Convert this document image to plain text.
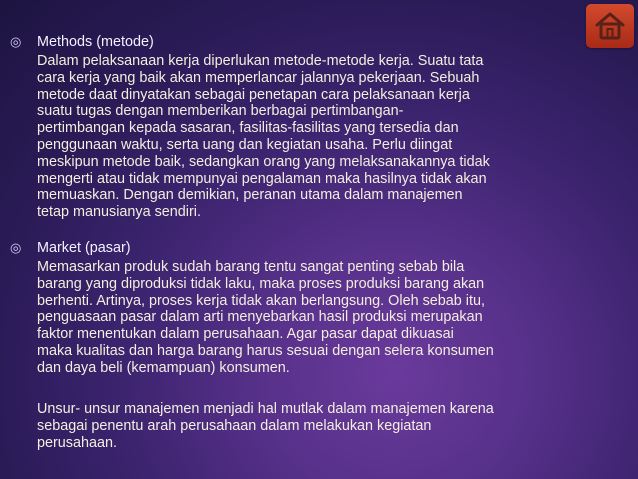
◎	Methods (metode)
Dalam pelaksanaan kerja diperlukan metode-metode kerja. Suatu tata
cara kerja yang baik akan memperlancar jalannya pekerjaan. Sebuah
metode daat dinyatakan sebagai penetapan cara pelaksanaan kerja
suatu tugas dengan memberikan berbagai pertimbangan-
pertimbangan kepada sasaran, fasilitas-fasilitas yang tersedia dan
penggunaan waktu, serta uang dan kegiatan usaha. Perlu diingat
meskipun metode baik, sedangkan orang yang melaksanakannya tidak
mengerti atau tidak mempunyai pengalaman maka hasilnya tidak akan
memuaskan. Dengan demikian, peranan utama dalam manajemen
tetap manusianya sendiri.
◎	Market (pasar)
Memasarkan produk sudah barang tentu sangat penting sebab bila
barang yang diproduksi tidak laku, maka proses produksi barang akan
berhenti. Artinya, proses kerja tidak akan berlangsung. Oleh sebab itu,
penguasaan pasar dalam arti menyebarkan hasil produksi merupakan
faktor menentukan dalam perusahaan. Agar pasar dapat dikuasai
maka kualitas dan harga barang harus sesuai dengan selera konsumen
dan daya beli (kemampuan) konsumen.
Unsur- unsur manajemen menjadi hal mutlak dalam manajemen karena
sebagai penentu arah perusahaan dalam melakukan kegiatan
perusahaan.
